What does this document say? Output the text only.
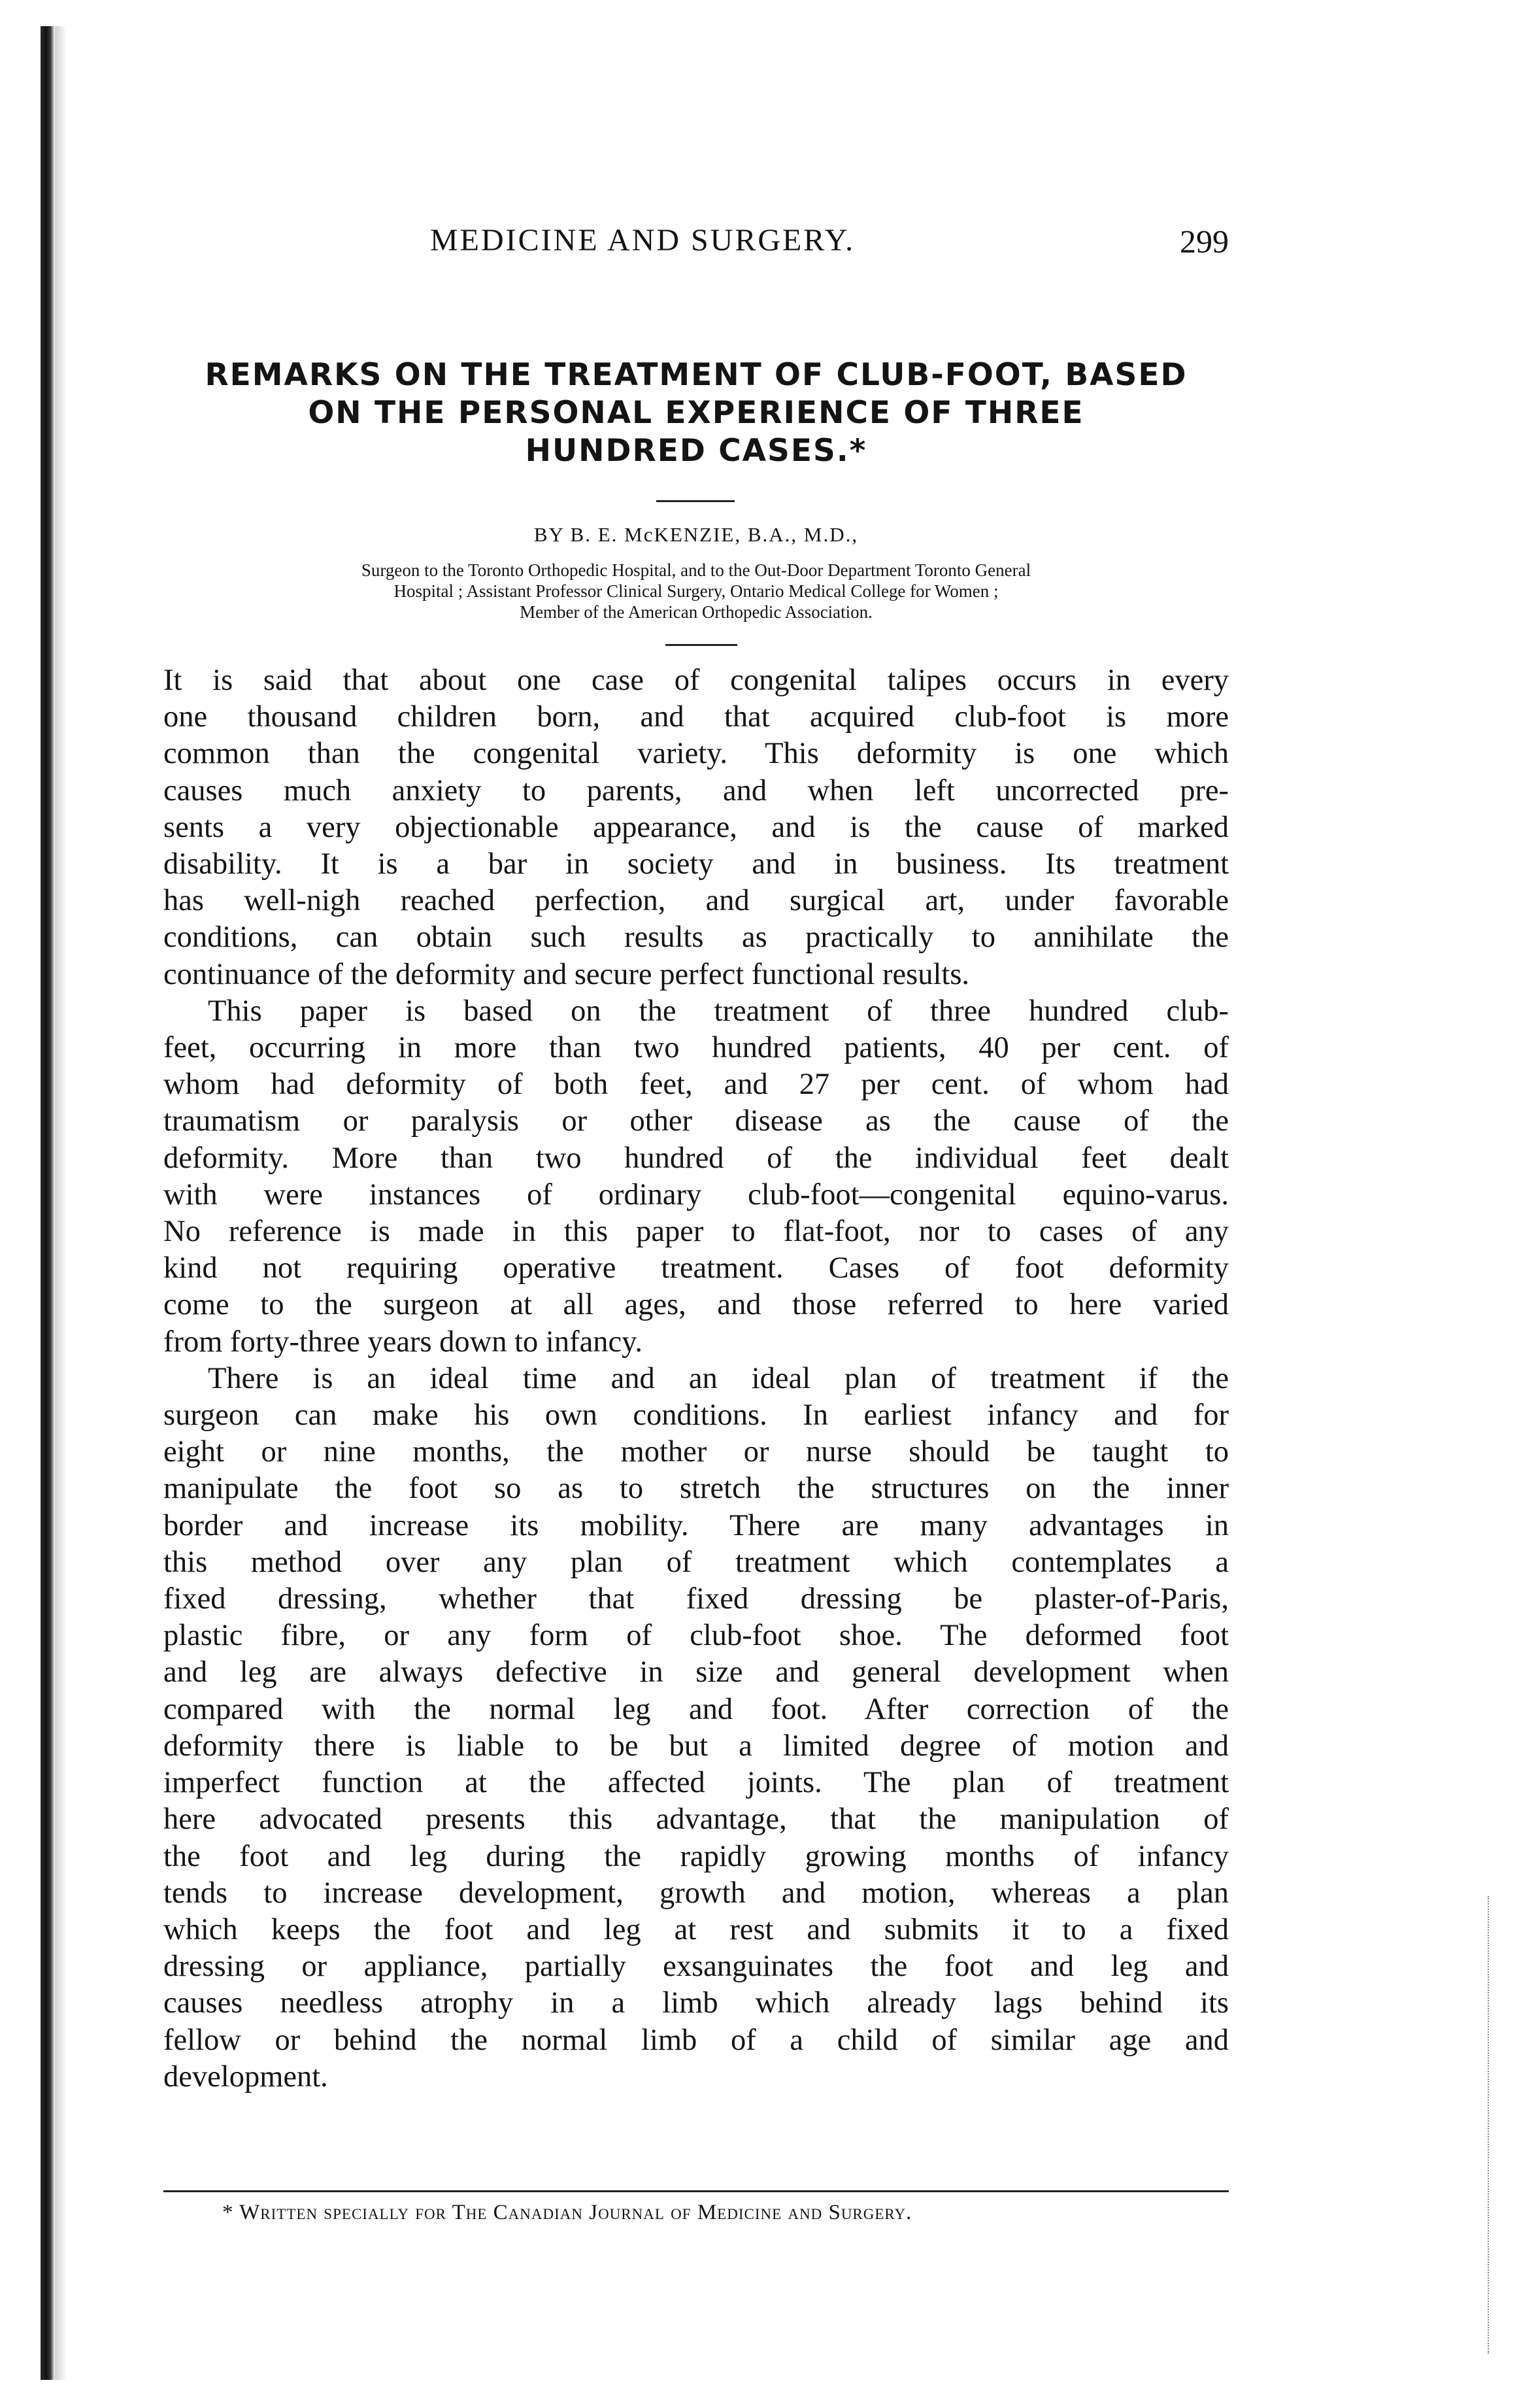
MEDICINE AND SURGERY.	299
REMARKS ON THE TREATMENT OF CLUB-FOOT, BASED
ON THE PERSONAL EXPERIENCE OF THREE
HUNDRED CASES.*
BY B. E. McKENZIE, B.A., M.D.,
Surgeon to the Toronto Orthopedic Hospital, and to the Out-Door Department Toronto General
Hospital ; Assistant Professor Clinical Surgery, Ontario Medical College for Women ;
Member of the American Orthopedic Association.

It is said that about one case of congenital talipes occurs in every
one thousand children born, and that acquired club-foot is more
common than the congenital variety. This deformity is one which
causes much anxiety to parents, and when left uncorrected pre-
sents a very objectionable appearance, and is the cause of marked
disability. It is a bar in society and in business. Its treatment
has well-nigh reached perfection, and surgical art, under favorable
conditions, can obtain such results as practically to annihilate the
continuance of the deformity and secure perfect functional results.

This paper is based on the treatment of three hundred club-
feet, occurring in more than two hundred patients, 40 per cent. of
whom had deformity of both feet, and 27 per cent. of whom had
traumatism or paralysis or other disease as the cause of the
deformity. More than two hundred of the individual feet dealt
with were instances of ordinary club-foot—congenital equino-varus.
No reference is made in this paper to flat-foot, nor to cases of any
kind not requiring operative treatment. Cases of foot deformity
come to the surgeon at all ages, and those referred to here varied
from forty-three years down to infancy.

There is an ideal time and an ideal plan of treatment if the
surgeon can make his own conditions. In earliest infancy and for
eight or nine months, the mother or nurse should be taught to
manipulate the foot so as to stretch the structures on the inner
border and increase its mobility. There are many advantages in
this method over any plan of treatment which contemplates a
fixed dressing, whether that fixed dressing be plaster-of-Paris,
plastic fibre, or any form of club-foot shoe. The deformed foot
and leg are always defective in size and general development when
compared with the normal leg and foot. After correction of the
deformity there is liable to be but a limited degree of motion and
imperfect function at the affected joints. The plan of treatment
here advocated presents this advantage, that the manipulation of
the foot and leg during the rapidly growing months of infancy
tends to increase development, growth and motion, whereas a plan
which keeps the foot and leg at rest and submits it to a fixed
dressing or appliance, partially exsanguinates the foot and leg and
causes needless atrophy in a limb which already lags behind its
fellow or behind the normal limb of a child of similar age and
development.

* Written specially for The Canadian Journal of Medicine and Surgery.
